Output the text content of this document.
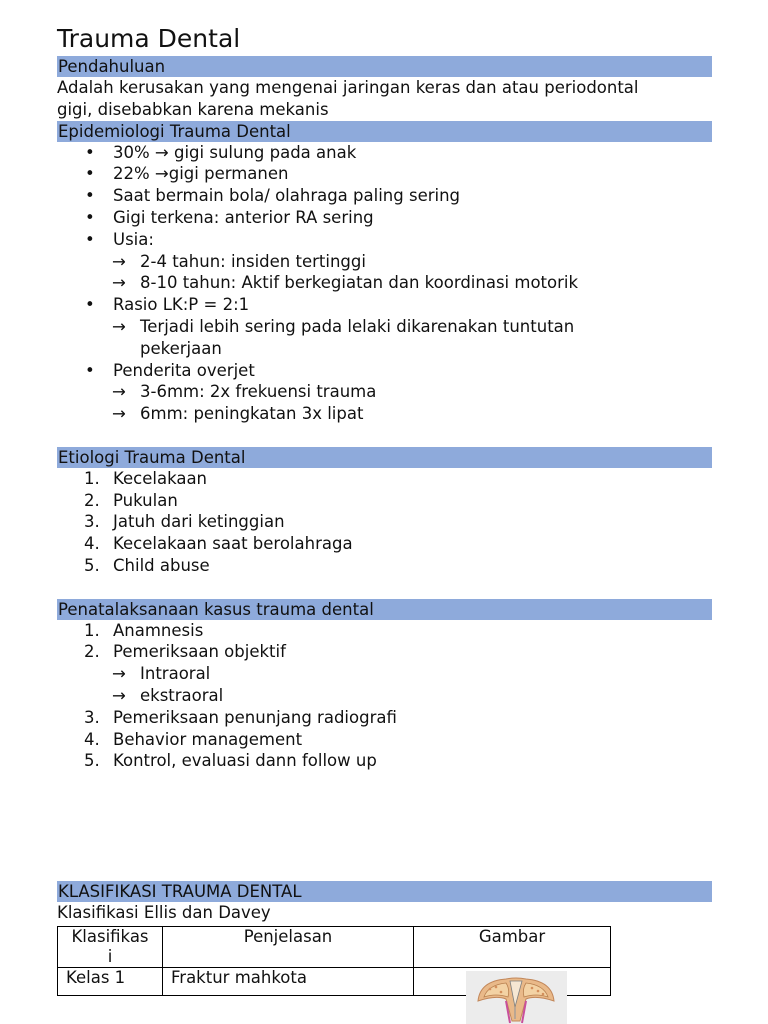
Trauma Dental
Pendahuluan
Adalah kerusakan yang mengenai jaringan keras dan atau periodontal
gigi, disebabkan karena mekanis
Epidemiologi Trauma Dental
• 30% → gigi sulung pada anak
• 22% →gigi permanen
• Saat bermain bola/ olahraga paling sering
• Gigi terkena: anterior RA sering
• Usia:
→ 2-4 tahun: insiden tertinggi
→ 8-10 tahun: Aktif berkegiatan dan koordinasi motorik
• Rasio LK:P = 2:1
→ Terjadi lebih sering pada lelaki dikarenakan tuntutan
pekerjaan
• Penderita overjet
→ 3-6mm: 2x frekuensi trauma
→ 6mm: peningkatan 3x lipat
Etiologi Trauma Dental
1. Kecelakaan
2. Pukulan
3. Jatuh dari ketinggian
4. Kecelakaan saat berolahraga
5. Child abuse
Penatalaksanaan kasus trauma dental
1. Anamnesis
2. Pemeriksaan objektif
→ Intraoral
→ ekstraoral
3. Pemeriksaan penunjang radiografi
4. Behavior management
5. Kontrol, evaluasi dann follow up
KLASIFIKASI TRAUMA DENTAL
Klasifikasi Ellis dan Davey
Klasifikas
i	Penjelasan	Gambar
Kelas 1	Fraktur mahkota	
